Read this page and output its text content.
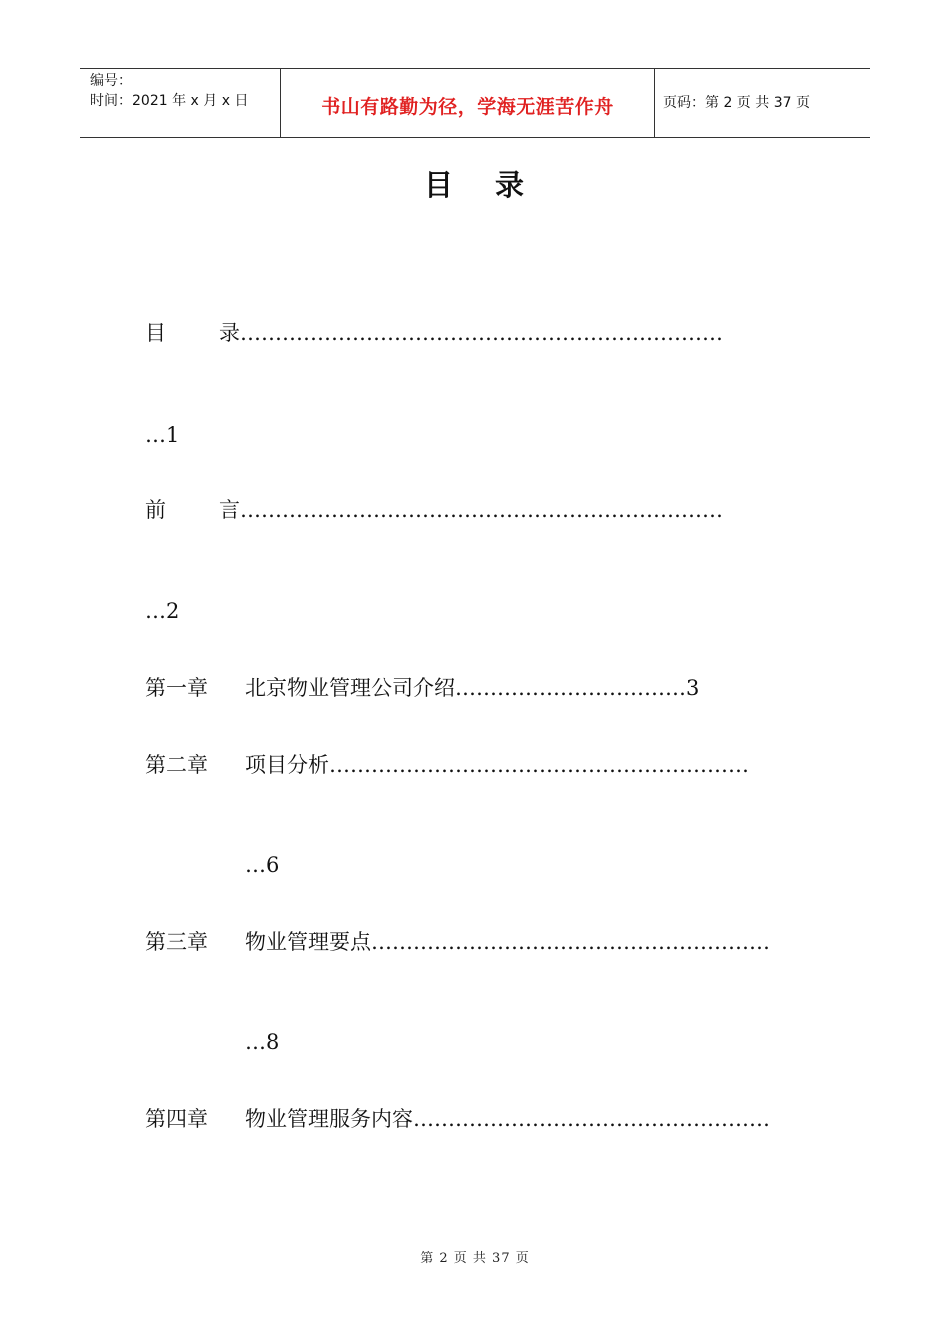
编号：
时间：2021 年 x 月 x 日	书山有路勤为径，学海无涯苦作舟	页码：第 2 页 共 37 页
目 录
目	录……………………………………………………………
…1
前	言……………………………………………………………
…2
第一章 北京物业管理公司介绍……………………………3
第二章 项目分析……………………………………………………
…6
第三章 物业管理要点…………………………………………………
…8
第四章 物业管理服务内容……………………………………………
第 2 页 共 37 页
